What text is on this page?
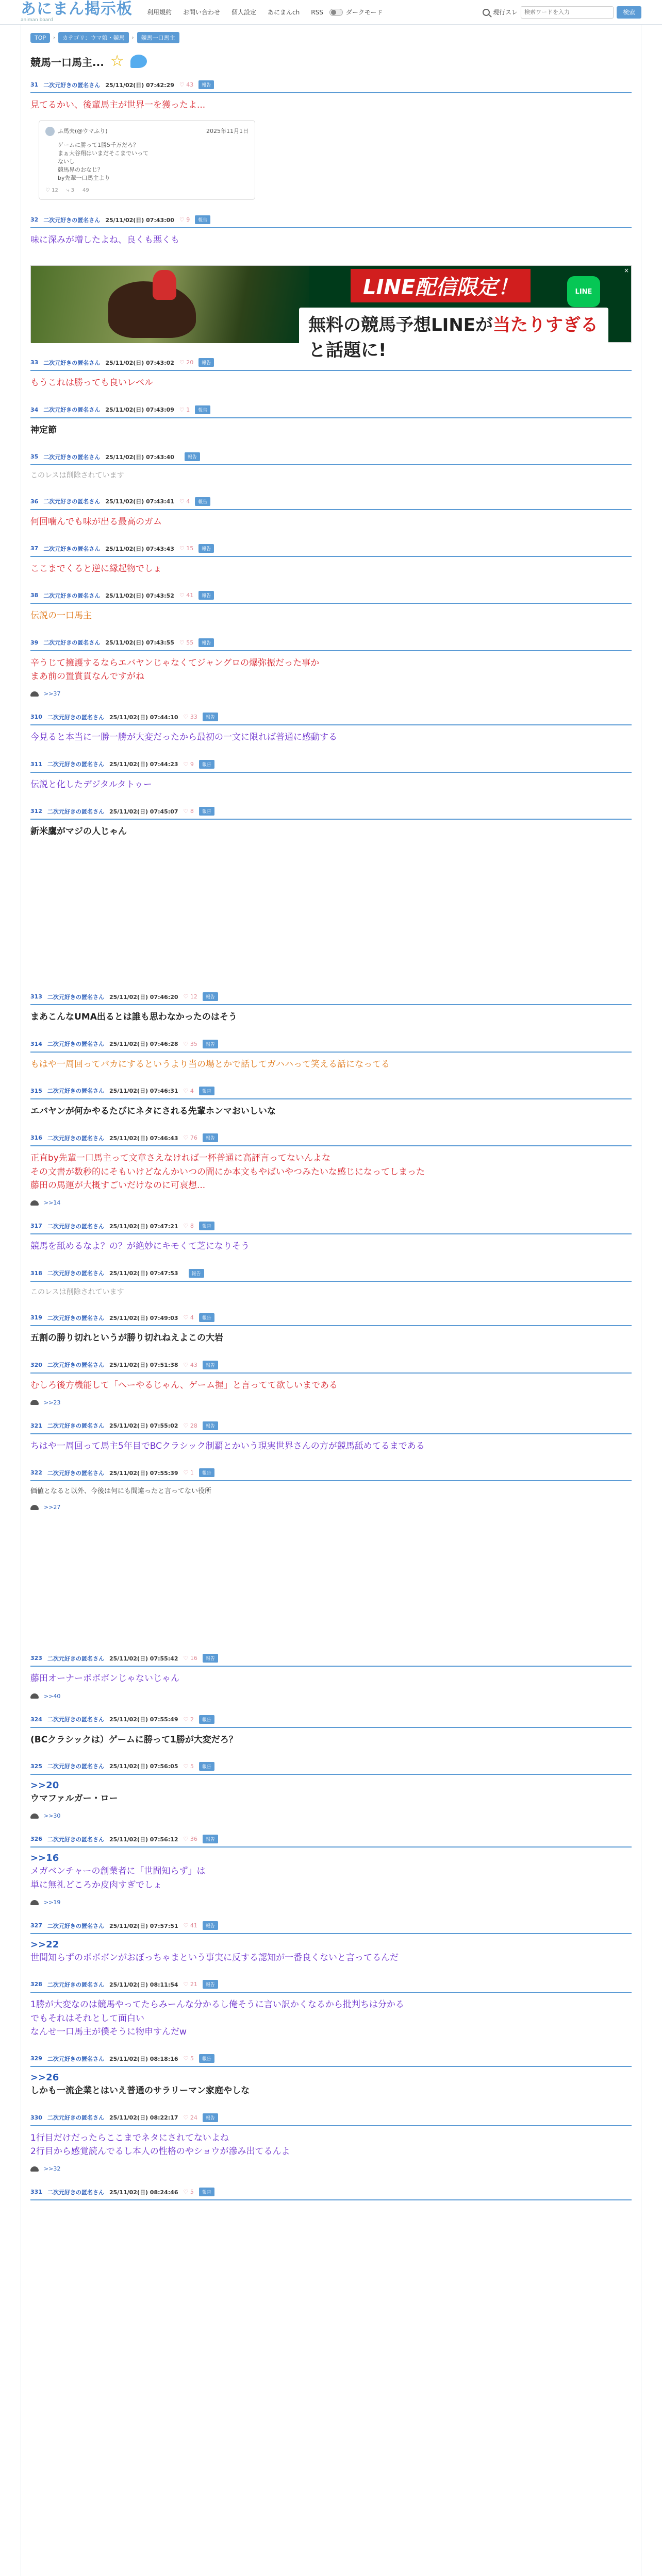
あにまん掲示板
animan board
利用規約 お問い合わせ 個人設定 あにまんch RSS	ダークモード	現行スレ
検索ワードを入力	検索
TOP	›	カテゴリ：ウマ娘・競馬	›	競馬一口馬主
競馬一口馬主... ☆
31 二次元好きの匿名さん 25/11/02(日) 07:42:29 ♡ 43	報告
見てるかい、後輩馬主が世界一を獲ったよ...
ふ馬夫(@ウマふり)	2025年11月1日
ゲームに勝って1勝5千万だろ？
まぁ大谷翔はいまだそこまでいって
ないし
競馬界のおなじ？
by先輩一口馬主より
♡ 12 ⤷ 3 49
32 二次元好きの匿名さん 25/11/02(日) 07:43:00 ♡ 9	報告
味に深みが増したよね、良くも悪くも
LINE配信限定！
無料の競馬予想LINEが当たりすぎると話題に!
LINE
×
33 二次元好きの匿名さん 25/11/02(日) 07:43:02 ♡ 20	報告
もうこれは勝っても良いレベル
34 二次元好きの匿名さん 25/11/02(日) 07:43:09 ♡ 1	報告
神定節
35 二次元好きの匿名さん 25/11/02(日) 07:43:40	報告
このレスは削除されています
36 二次元好きの匿名さん 25/11/02(日) 07:43:41 ♡ 4	報告
何回噛んでも味が出る最高のガム
37 二次元好きの匿名さん 25/11/02(日) 07:43:43 ♡ 15	報告
ここまでくると逆に縁起物でしょ
38 二次元好きの匿名さん 25/11/02(日) 07:43:52 ♡ 41	報告
伝説の一口馬主
39 二次元好きの匿名さん 25/11/02(日) 07:43:55 ♡ 55	報告
辛うじて擁護するならエバヤンじゃなくてジャングロの爆弥振だった事か
まあ前の置賞貫なんですがね
>>37
310 二次元好きの匿名さん 25/11/02(日) 07:44:10 ♡ 33	報告
今見ると本当に一勝一勝が大変だったから最初の一文に限れば普通に感動する
311 二次元好きの匿名さん 25/11/02(日) 07:44:23 ♡ 9	報告
伝説と化したデジタルタトゥー
312 二次元好きの匿名さん 25/11/02(日) 07:45:07 ♡ 8	報告
新米鷹がマジの人じゃん
313 二次元好きの匿名さん 25/11/02(日) 07:46:20 ♡ 12	報告
まあこんなUMA出るとは誰も思わなかったのはそう
314 二次元好きの匿名さん 25/11/02(日) 07:46:28 ♡ 35	報告
もはや一周回ってバカにするというより当の場とかで話してガハハって笑える話になってる
315 二次元好きの匿名さん 25/11/02(日) 07:46:31 ♡ 4	報告
エバヤンが何かやるたびにネタにされる先輩ホンマおいしいな
316 二次元好きの匿名さん 25/11/02(日) 07:46:43 ♡ 76	報告
正直by先輩一口馬主って文章さえなければ一杯普通に高評言ってないんよな
その文書が数秒的にそもいけどなんかいつの間にか本文もやばいやつみたいな感じになってしまった
藤田の馬運が大概すごいだけなのに可哀想...
>>14
317 二次元好きの匿名さん 25/11/02(日) 07:47:21 ♡ 8	報告
競馬を舐めるなよ？の？が絶妙にキモくて芝になりそう
318 二次元好きの匿名さん 25/11/02(日) 07:47:53	報告
このレスは削除されています
319 二次元好きの匿名さん 25/11/02(日) 07:49:03 ♡ 4	報告
五割の勝り切れというが勝り切れねえよこの大岩
320 二次元好きの匿名さん 25/11/02(日) 07:51:38 ♡ 43	報告
むしろ後方機能して「へーやるじゃん、ゲーム握」と言ってて欲しいまである
>>23
321 二次元好きの匿名さん 25/11/02(日) 07:55:02 ♡ 28	報告
ちはや一周回って馬主5年目でBCクラシック制覇とかいう現実世界さんの方が競馬舐めてるまである
322 二次元好きの匿名さん 25/11/02(日) 07:55:39 ♡ 1	報告
価値となると以外、今後は何にも間違ったと言ってない役所
>>27
323 二次元好きの匿名さん 25/11/02(日) 07:55:42 ♡ 16	報告
藤田オーナーボボボンじゃないじゃん
>>40
324 二次元好きの匿名さん 25/11/02(日) 07:55:49 ♡ 2	報告
(BCクラシックは）ゲームに勝って1勝が大変だろ？
325 二次元好きの匿名さん 25/11/02(日) 07:56:05 ♡ 5	報告
>>20
ウマファルガー・ロー
>>30
326 二次元好きの匿名さん 25/11/02(日) 07:56:12 ♡ 36	報告
>>16
メガベンチャーの創業者に「世間知らず」は
単に無礼どころか皮肉すぎでしょ
>>19
327 二次元好きの匿名さん 25/11/02(日) 07:57:51 ♡ 41	報告
>>22
世間知らずのボボボンがおぼっちゃまという事実に反する認知が一番良くないと言ってるんだ
328 二次元好きの匿名さん 25/11/02(日) 08:11:54 ♡ 21	報告
1勝が大変なのは競馬やってたらみーんな分かるし俺そうに言い訳かくなるから批判ちは分かる
でもそれはそれとして面白い
なんせ一口馬主が僕そうに物申すんだw
329 二次元好きの匿名さん 25/11/02(日) 08:18:16 ♡ 5	報告
>>26
しかも一流企業とはいえ普通のサラリーマン家庭やしな
330 二次元好きの匿名さん 25/11/02(日) 08:22:17 ♡ 24	報告
1行目だけだったらここまでネタにされてないよね
2行目から感覚読んでるし本人の性格のやショウが滲み出てるんよ
>>32
331 二次元好きの匿名さん 25/11/02(日) 08:24:46 ♡ 5	報告
